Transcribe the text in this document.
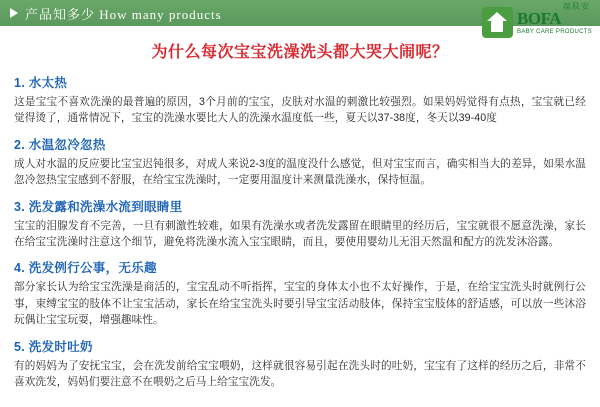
产品知多少 How many products	葆肤安
BOFA
BABY CARE PRODUCTS
为什么每次宝宝洗澡洗头都大哭大闹呢？
1. 水太热
这是宝宝不喜欢洗澡的最普遍的原因，3个月前的宝宝，皮肤对水温的刺激比较强烈。如果妈妈觉得有点热，宝宝就已经觉得烫了，通常情况下，宝宝的洗澡水要比大人的洗澡水温度低一些，夏天以37-38度，冬天以39-40度
2. 水温忽冷忽热
成人对水温的反应要比宝宝迟钝很多，对成人来说2-3度的温度没什么感觉，但对宝宝而言，确实相当大的差异，如果水温忽冷忽热宝宝感到不舒服，在给宝宝洗澡时，一定要用温度计来测量洗澡水，保持恒温。
3. 洗发露和洗澡水流到眼睛里
宝宝的泪腺发育不完善，一旦有刺激性较难，如果有洗澡水或者洗发露留在眼睛里的经历后，宝宝就很不愿意洗澡，家长在给宝宝洗澡时注意这个细节，避免将洗澡水流入宝宝眼睛，而且，要使用婴幼儿无泪天然温和配方的洗发沐浴露。
4. 洗发例行公事，无乐趣
部分家长认为给宝宝洗澡是商活的，宝宝乱动不听指挥，宝宝的身体太小也不太好操作，于是，在给宝宝洗头时就例行公事，束缚宝宝的肢体不让宝宝活动，家长在给宝宝洗头时要引导宝宝活动肢体，保持宝宝肢体的舒适感，可以放一些沐浴玩偶让宝宝玩耍，增强趣味性。
5. 洗发时吐奶
有的妈妈为了安抚宝宝，会在洗发前给宝宝喂奶，这样就很容易引起在洗头时的吐奶，宝宝有了这样的经历之后，非常不喜欢洗发，妈妈们要注意不在喂奶之后马上给宝宝洗发。
